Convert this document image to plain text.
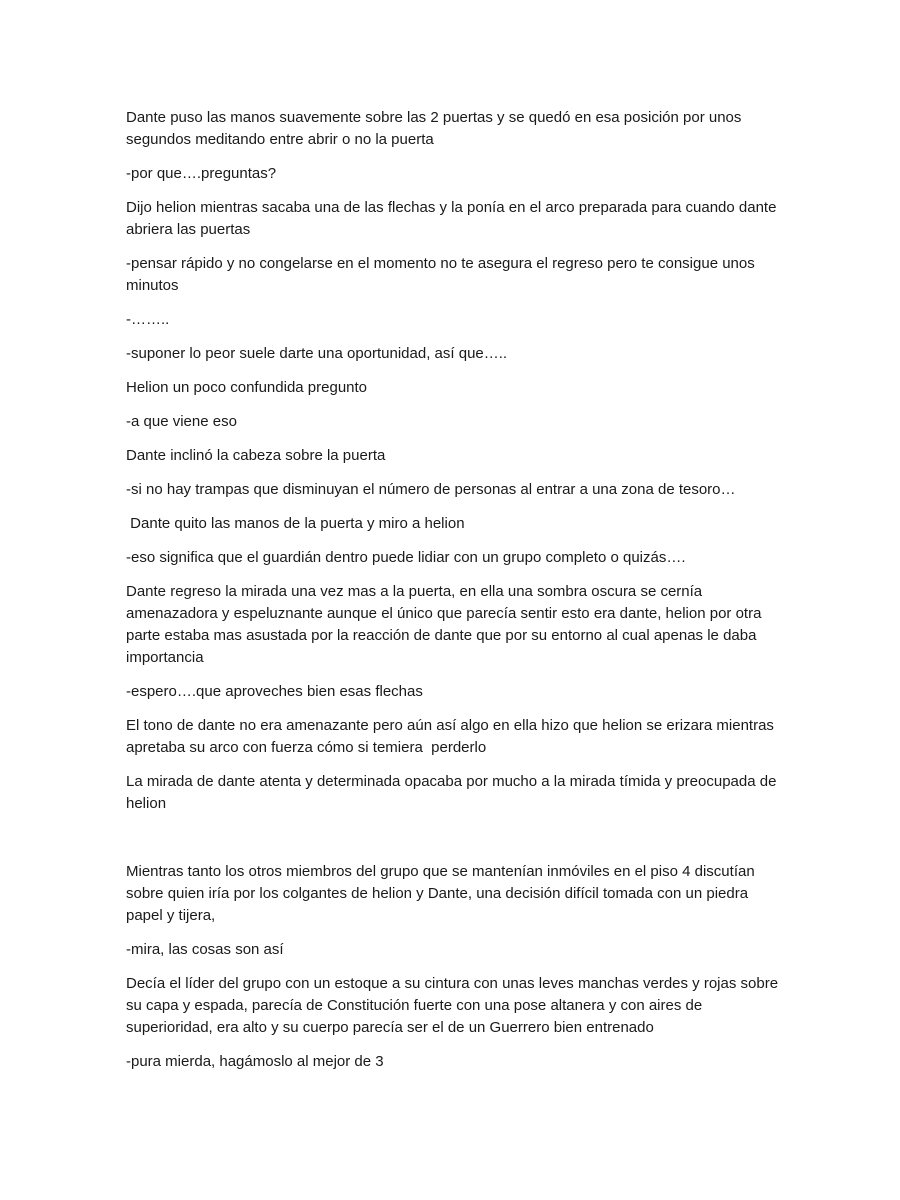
Dante puso las manos suavemente sobre las 2 puertas y se quedó en esa posición por unos segundos meditando entre abrir o no la puerta

-por que….preguntas?

Dijo helion mientras sacaba una de las flechas y la ponía en el arco preparada para cuando dante abriera las puertas

-pensar rápido y no congelarse en el momento no te asegura el regreso pero te consigue unos minutos

-……..

-suponer lo peor suele darte una oportunidad, así que…..

Helion un poco confundida pregunto

-a que viene eso

Dante inclinó la cabeza sobre la puerta

-si no hay trampas que disminuyan el número de personas al entrar a una zona de tesoro…

Dante quito las manos de la puerta y miro a helion

-eso significa que el guardián dentro puede lidiar con un grupo completo o quizás….

Dante regreso la mirada una vez mas a la puerta, en ella una sombra oscura se cernía amenazadora y espeluznante aunque el único que parecía sentir esto era dante, helion por otra parte estaba mas asustada por la reacción de dante que por su entorno al cual apenas le daba importancia

-espero….que aproveches bien esas flechas

El tono de dante no era amenazante pero aún así algo en ella hizo que helion se erizara mientras apretaba su arco con fuerza cómo si temiera  perderlo

La mirada de dante atenta y determinada opacaba por mucho a la mirada tímida y preocupada de helion

Mientras tanto los otros miembros del grupo que se mantenían inmóviles en el piso 4 discutían sobre quien iría por los colgantes de helion y Dante, una decisión difícil tomada con un piedra papel y tijera,

-mira, las cosas son así

Decía el líder del grupo con un estoque a su cintura con unas leves manchas verdes y rojas sobre su capa y espada, parecía de Constitución fuerte con una pose altanera y con aires de superioridad, era alto y su cuerpo parecía ser el de un Guerrero bien entrenado

-pura mierda, hagámoslo al mejor de 3
